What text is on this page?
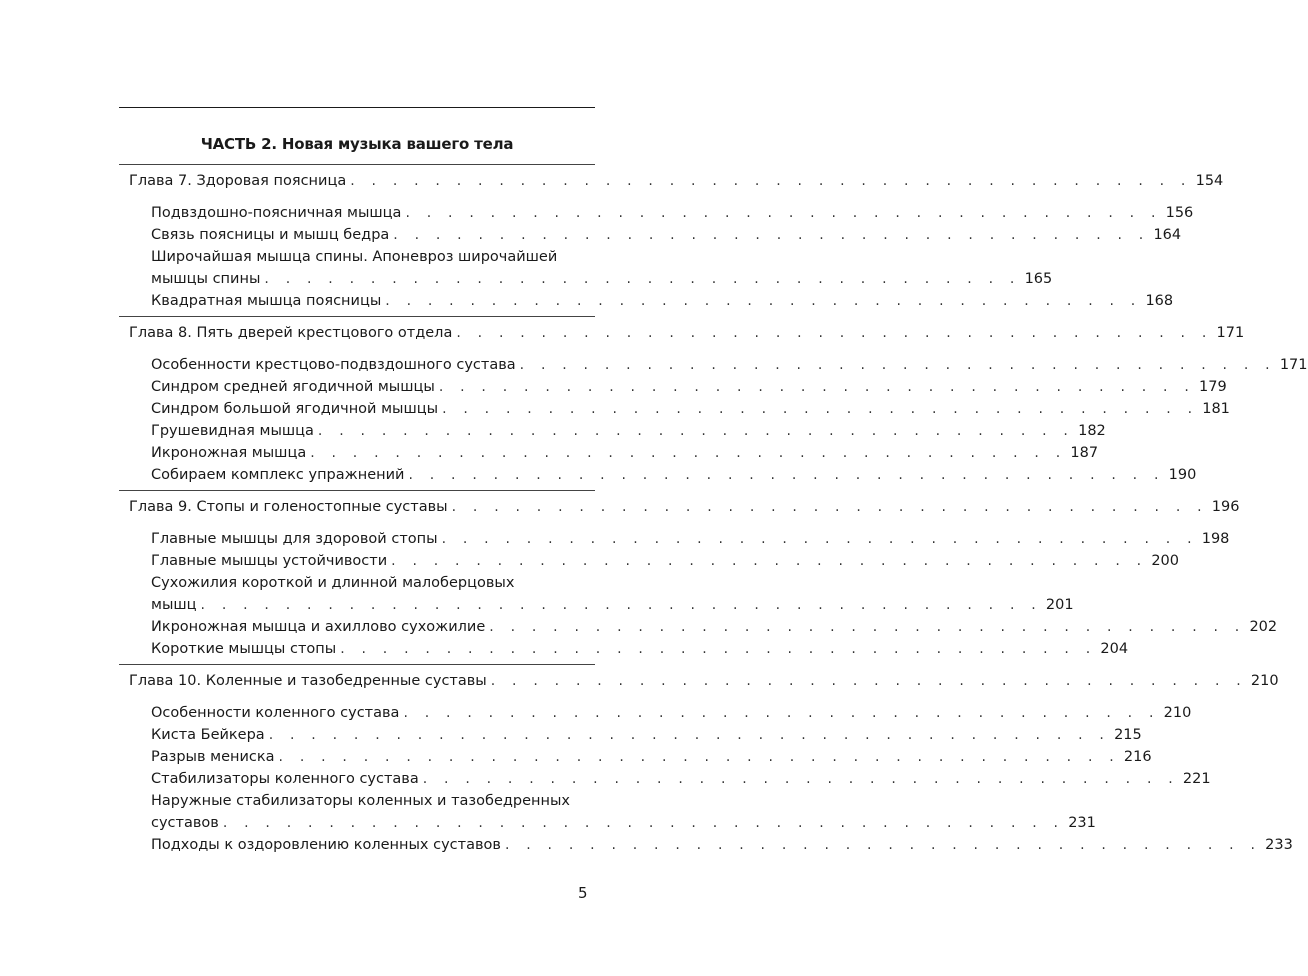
ЧАСТЬ 2. Новая музыка вашего тела
Глава 7. Здоровая поясница . . . . . . . . . . . . . . . . . . . . . . . . . . . . . . . . . . . . . . . . 154
Подвздошно-поясничная мышца . . . . . . . . . . . . . . . . . . . . . . . . . . . . . . . . . . . . 156
Связь поясницы и мышц бедра . . . . . . . . . . . . . . . . . . . . . . . . . . . . . . . . . . . . 164
Широчайшая мышца спины. Апоневроз широчайшей
мышцы спины . . . . . . . . . . . . . . . . . . . . . . . . . . . . . . . . . . . . 165
Квадратная мышца поясницы . . . . . . . . . . . . . . . . . . . . . . . . . . . . . . . . . . . . 168
Глава 8. Пять дверей крестцового отдела . . . . . . . . . . . . . . . . . . . . . . . . . . . . . . . . . . . . 171
Особенности крестцово-подвздошного сустава . . . . . . . . . . . . . . . . . . . . . . . . . . . . . . . . . . . . 171
Синдром средней ягодичной мышцы . . . . . . . . . . . . . . . . . . . . . . . . . . . . . . . . . . . . 179
Синдром большой ягодичной мышцы . . . . . . . . . . . . . . . . . . . . . . . . . . . . . . . . . . . . 181
Грушевидная мышца . . . . . . . . . . . . . . . . . . . . . . . . . . . . . . . . . . . . 182
Икроножная мышца . . . . . . . . . . . . . . . . . . . . . . . . . . . . . . . . . . . . 187
Собираем комплекс упражнений . . . . . . . . . . . . . . . . . . . . . . . . . . . . . . . . . . . . 190
Глава 9. Стопы и голеностопные суставы . . . . . . . . . . . . . . . . . . . . . . . . . . . . . . . . . . . . 196
Главные мышцы для здоровой стопы . . . . . . . . . . . . . . . . . . . . . . . . . . . . . . . . . . . . 198
Главные мышцы устойчивости . . . . . . . . . . . . . . . . . . . . . . . . . . . . . . . . . . . . 200
Сухожилия короткой и длинной малоберцовых
мышц . . . . . . . . . . . . . . . . . . . . . . . . . . . . . . . . . . . . . . . . 201
Икроножная мышца и ахиллово сухожилие . . . . . . . . . . . . . . . . . . . . . . . . . . . . . . . . . . . . 202
Короткие мышцы стопы . . . . . . . . . . . . . . . . . . . . . . . . . . . . . . . . . . . . 204
Глава 10. Коленные и тазобедренные суставы . . . . . . . . . . . . . . . . . . . . . . . . . . . . . . . . . . . . 210
Особенности коленного сустава . . . . . . . . . . . . . . . . . . . . . . . . . . . . . . . . . . . . 210
Киста Бейкера . . . . . . . . . . . . . . . . . . . . . . . . . . . . . . . . . . . . . . . . 215
Разрыв мениска . . . . . . . . . . . . . . . . . . . . . . . . . . . . . . . . . . . . . . . . 216
Стабилизаторы коленного сустава . . . . . . . . . . . . . . . . . . . . . . . . . . . . . . . . . . . . 221
Наружные стабилизаторы коленных и тазобедренных
суставов . . . . . . . . . . . . . . . . . . . . . . . . . . . . . . . . . . . . . . . . 231
Подходы к оздоровлению коленных суставов . . . . . . . . . . . . . . . . . . . . . . . . . . . . . . . . . . . . 233
5
